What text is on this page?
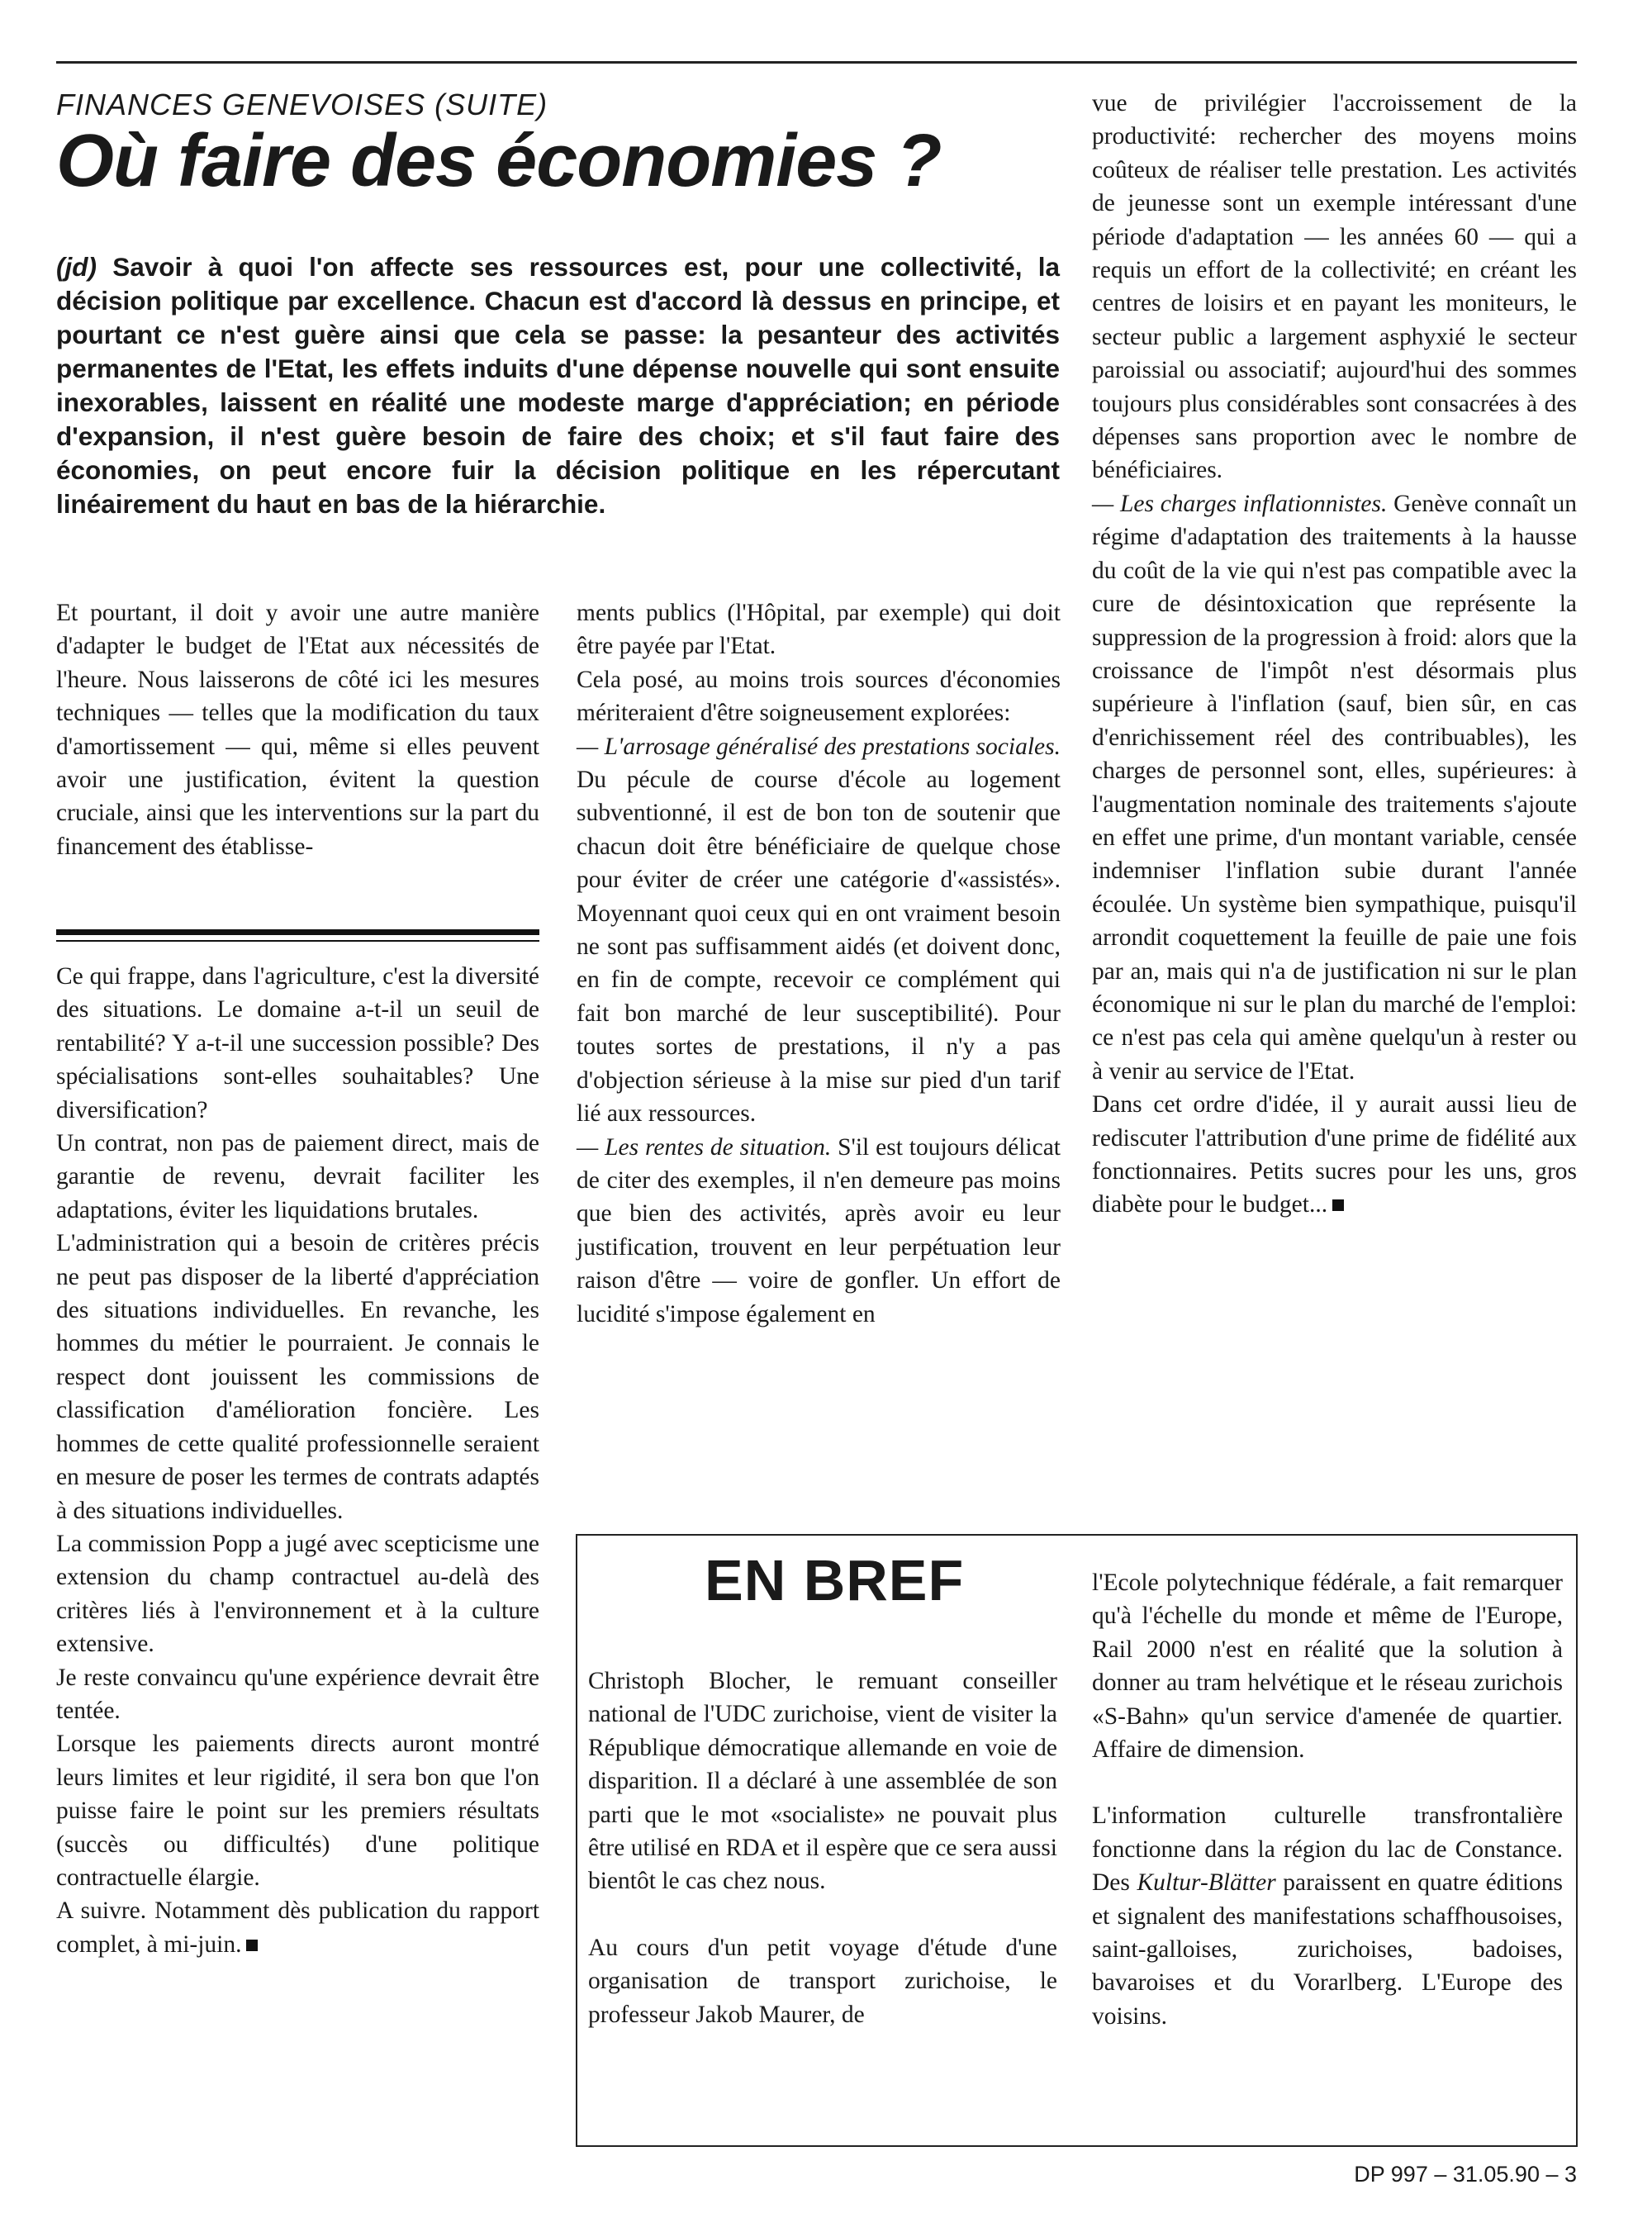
FINANCES GENEVOISES (SUITE)
Où faire des économies ?

(jd) Savoir à quoi l'on affecte ses ressources est, pour une collectivité, la décision politique par excellence. Chacun est d'accord là dessus en principe, et pourtant ce n'est guère ainsi que cela se passe: la pesanteur des activités permanentes de l'Etat, les effets induits d'une dépense nouvelle qui sont ensuite inexorables, laissent en réalité une modeste marge d'appréciation; en période d'expansion, il n'est guère besoin de faire des choix; et s'il faut faire des économies, on peut encore fuir la décision politique en les répercutant linéairement du haut en bas de la hiérarchie.

Et pourtant, il doit y avoir une autre manière d'adapter le budget de l'Etat aux nécessités de l'heure. Nous laisserons de côté ici les mesures techniques — telles que la modification du taux d'amortissement — qui, même si elles peuvent avoir une justification, évitent la question cruciale, ainsi que les interventions sur la part du financement des établisse-

Ce qui frappe, dans l'agriculture, c'est la diversité des situations. Le domaine a-t-il un seuil de rentabilité? Y a-t-il une succession possible? Des spécialisations sont-elles souhaitables? Une diversification?

Un contrat, non pas de paiement direct, mais de garantie de revenu, devrait faciliter les adaptations, éviter les liquidations brutales.

L'administration qui a besoin de critères précis ne peut pas disposer de la liberté d'appréciation des situations individuelles. En revanche, les hommes du métier le pourraient. Je connais le respect dont jouissent les commissions de classification d'amélioration foncière. Les hommes de cette qualité professionnelle seraient en mesure de poser les termes de contrats adaptés à des situations individuelles.

La commission Popp a jugé avec scepticisme une extension du champ contractuel au-delà des critères liés à l'environnement et à la culture extensive.

Je reste convaincu qu'une expérience devrait être tentée.

Lorsque les paiements directs auront montré leurs limites et leur rigidité, il sera bon que l'on puisse faire le point sur les premiers résultats (succès ou difficultés) d'une politique contractuelle élargie.

A suivre. Notamment dès publication du rapport complet, à mi-juin.

ments publics (l'Hôpital, par exemple) qui doit être payée par l'Etat.

Cela posé, au moins trois sources d'économies mériteraient d'être soigneusement explorées:

— L'arrosage généralisé des prestations sociales. Du pécule de course d'école au logement subventionné, il est de bon ton de soutenir que chacun doit être bénéficiaire de quelque chose pour éviter de créer une catégorie d'«assistés». Moyennant quoi ceux qui en ont vraiment besoin ne sont pas suffisamment aidés (et doivent donc, en fin de compte, recevoir ce complément qui fait bon marché de leur susceptibilité). Pour toutes sortes de prestations, il n'y a pas d'objection sérieuse à la mise sur pied d'un tarif lié aux ressources.

— Les rentes de situation. S'il est toujours délicat de citer des exemples, il n'en demeure pas moins que bien des activités, après avoir eu leur justification, trouvent en leur perpétuation leur raison d'être — voire de gonfler. Un effort de lucidité s'impose également en

vue de privilégier l'accroissement de la productivité: rechercher des moyens moins coûteux de réaliser telle prestation. Les activités de jeunesse sont un exemple intéressant d'une période d'adaptation — les années 60 — qui a requis un effort de la collectivité; en créant les centres de loisirs et en payant les moniteurs, le secteur public a largement asphyxié le secteur paroissial ou associatif; aujourd'hui des sommes toujours plus considérables sont consacrées à des dépenses sans proportion avec le nombre de bénéficiaires.

— Les charges inflationnistes. Genève connaît un régime d'adaptation des traitements à la hausse du coût de la vie qui n'est pas compatible avec la cure de désintoxication que représente la suppression de la progression à froid: alors que la croissance de l'impôt n'est désormais plus supérieure à l'inflation (sauf, bien sûr, en cas d'enrichissement réel des contribuables), les charges de personnel sont, elles, supérieures: à l'augmentation nominale des traitements s'ajoute en effet une prime, d'un montant variable, censée indemniser l'inflation subie durant l'année écoulée. Un système bien sympathique, puisqu'il arrondit coquettement la feuille de paie une fois par an, mais qui n'a de justification ni sur le plan économique ni sur le plan du marché de l'emploi: ce n'est pas cela qui amène quelqu'un à rester ou à venir au service de l'Etat.

Dans cet ordre d'idée, il y aurait aussi lieu de rediscuter l'attribution d'une prime de fidélité aux fonctionnaires. Petits sucres pour les uns, gros diabète pour le budget...

EN BREF

Christoph Blocher, le remuant conseiller national de l'UDC zurichoise, vient de visiter la République démocratique allemande en voie de disparition. Il a déclaré à une assemblée de son parti que le mot «socialiste» ne pouvait plus être utilisé en RDA et il espère que ce sera aussi bientôt le cas chez nous.

Au cours d'un petit voyage d'étude d'une organisation de transport zurichoise, le professeur Jakob Maurer, de

l'Ecole polytechnique fédérale, a fait remarquer qu'à l'échelle du monde et même de l'Europe, Rail 2000 n'est en réalité que la solution à donner au tram helvétique et le réseau zurichois «S-Bahn» qu'un service d'amenée de quartier. Affaire de dimension.

L'information culturelle transfrontalière fonctionne dans la région du lac de Constance. Des Kultur-Blätter paraissent en quatre éditions et signalent des manifestations schaffhousoises, saint-galloises, zurichoises, badoises, bavaroises et du Vorarlberg. L'Europe des voisins.

DP 997 – 31.05.90 – 3
